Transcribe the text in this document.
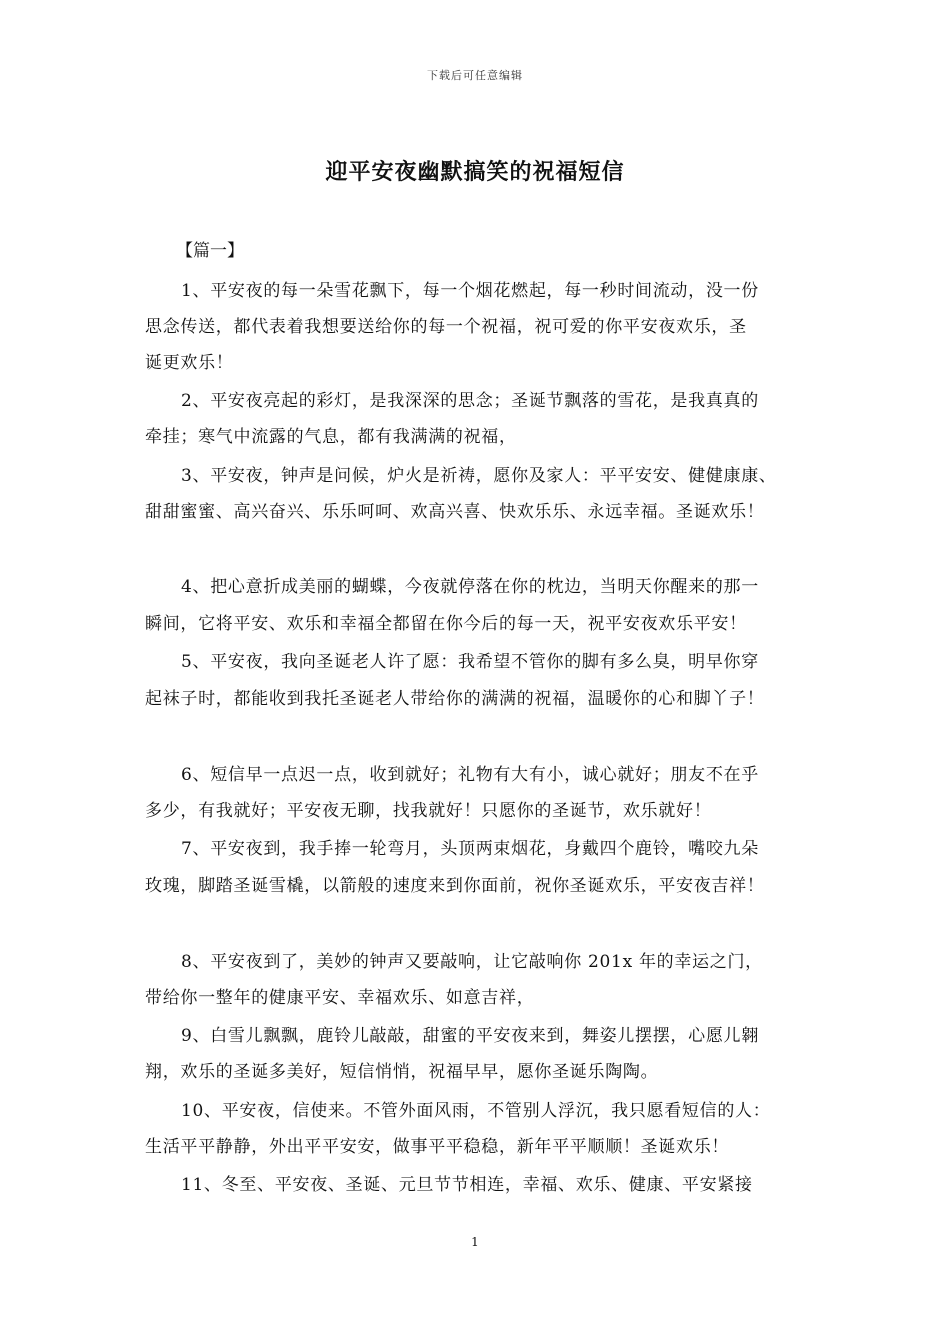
下载后可任意编辑
迎平安夜幽默搞笑的祝福短信
【篇一】
1、平安夜的每一朵雪花飘下，每一个烟花燃起，每一秒时间流动，没一份
思念传送，都代表着我想要送给你的每一个祝福，祝可爱的你平安夜欢乐，圣
诞更欢乐！
2、平安夜亮起的彩灯，是我深深的思念；圣诞节飘落的雪花，是我真真的
牵挂；寒气中流露的气息，都有我满满的祝福，
3、平安夜，钟声是问候，炉火是祈祷，愿你及家人：平平安安、健健康康、
甜甜蜜蜜、高兴奋兴、乐乐呵呵、欢高兴喜、快欢乐乐、永远幸福。圣诞欢乐！
4、把心意折成美丽的蝴蝶，今夜就停落在你的枕边，当明天你醒来的那一
瞬间，它将平安、欢乐和幸福全都留在你今后的每一天，祝平安夜欢乐平安！
5、平安夜，我向圣诞老人许了愿：我希望不管你的脚有多么臭，明早你穿
起袜子时，都能收到我托圣诞老人带给你的满满的祝福，温暖你的心和脚丫子！
6、短信早一点迟一点，收到就好；礼物有大有小，诚心就好；朋友不在乎
多少，有我就好；平安夜无聊，找我就好！只愿你的圣诞节，欢乐就好！
7、平安夜到，我手捧一轮弯月，头顶两束烟花，身戴四个鹿铃，嘴咬九朵
玫瑰，脚踏圣诞雪橇，以箭般的速度来到你面前，祝你圣诞欢乐，平安夜吉祥！
8、平安夜到了，美妙的钟声又要敲响，让它敲响你 201x 年的幸运之门，
带给你一整年的健康平安、幸福欢乐、如意吉祥，
9、白雪儿飘飘，鹿铃儿敲敲，甜蜜的平安夜来到，舞姿儿摆摆，心愿儿翱
翔，欢乐的圣诞多美好，短信悄悄，祝福早早，愿你圣诞乐陶陶。
10、平安夜，信使来。不管外面风雨，不管别人浮沉，我只愿看短信的人：
生活平平静静，外出平平安安，做事平平稳稳，新年平平顺顺！圣诞欢乐！
11、冬至、平安夜、圣诞、元旦节节相连，幸福、欢乐、健康、平安紧接
1
